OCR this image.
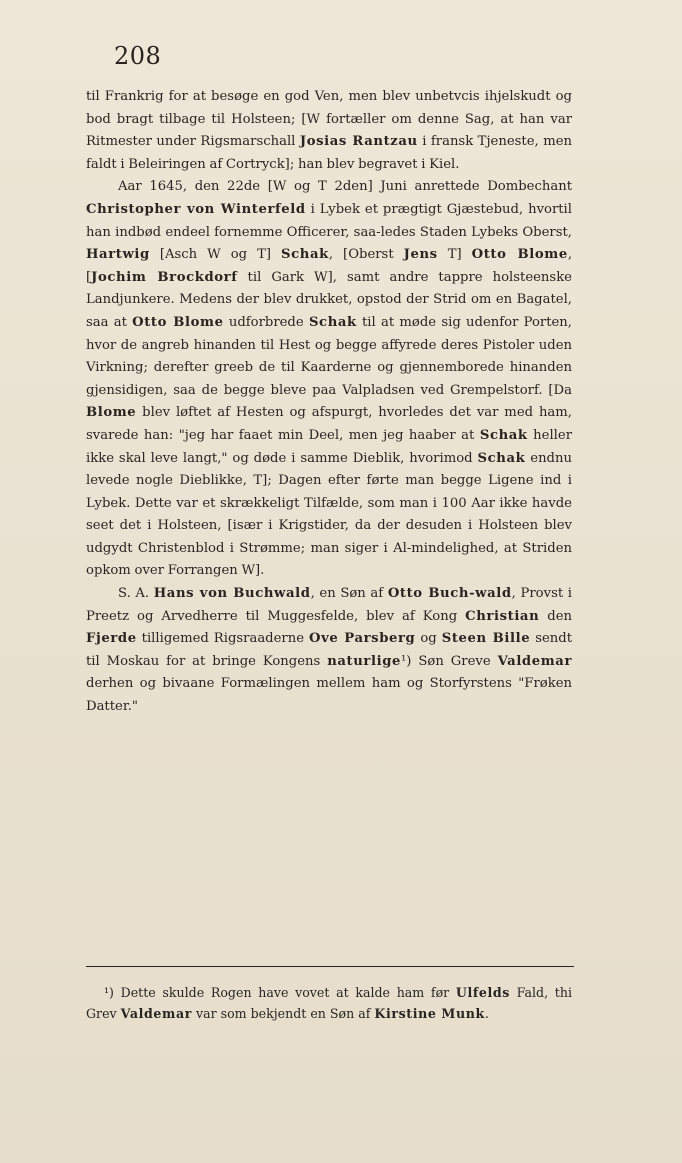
208

til Frankrig for at besøge en god Ven, men blev unbetvcis ihjelskudt og bod bragt tilbage til Holsteen; [W fortæller om denne Sag, at han var Ritmester under Rigsmarschall Josias Rantzau i fransk Tjeneste, men faldt i Beleiringen af Cortryck]; han blev begravet i Kiel.

Aar 1645, den 22de [W og T 2den] Juni anrettede Dombechant Christopher von Winterfeld i Lybek et prægtigt Gjæstebud, hvortil han indbød endeel fornemme Officerer, saa-ledes Staden Lybeks Oberst, Hartwig [Asch W og T] Schak, [Oberst Jens T] Otto Blome, [Jochim Brockdorf til Gark W], samt andre tappre holsteenske Landjunkere. Medens der blev drukket, opstod der Strid om en Bagatel, saa at Otto Blome udforbrede Schak til at møde sig udenfor Porten, hvor de angreb hinanden til Hest og begge affyrede deres Pistoler uden Virkning; derefter greeb de til Kaarderne og gjennemborede hinanden gjensidigen, saa de begge bleve paa Valpladsen ved Grempelstorf. [Da Blome blev løftet af Hesten og afspurgt, hvorledes det var med ham, svarede han: "jeg har faaet min Deel, men jeg haaber at Schak heller ikke skal leve langt," og døde i samme Dieblik, hvorimod Schak endnu levede nogle Dieblikke, T]; Dagen efter førte man begge Ligene ind i Lybek. Dette var et skrækkeligt Tilfælde, som man i 100 Aar ikke havde seet det i Holsteen, [især i Krigstider, da der desuden i Holsteen blev udgydt Christenblod i Strømme; man siger i Al-mindelighed, at Striden opkom over Forrangen W].

S. A. Hans von Buchwald, en Søn af Otto Buch-wald, Provst i Preetz og Arvedherre til Muggesfelde, blev af Kong Christian den Fjerde tilligemed Rigsraaderne Ove Parsberg og Steen Bille sendt til Moskau for at bringe Kongens naturlige¹) Søn Greve Valdemar derhen og bivaane Formælingen mellem ham og Storfyrstens "Frøken Datter."

¹) Dette skulde Rogen have vovet at kalde ham før Ulfelds Fald, thi Grev Valdemar var som bekjendt en Søn af Kirstine Munk.
